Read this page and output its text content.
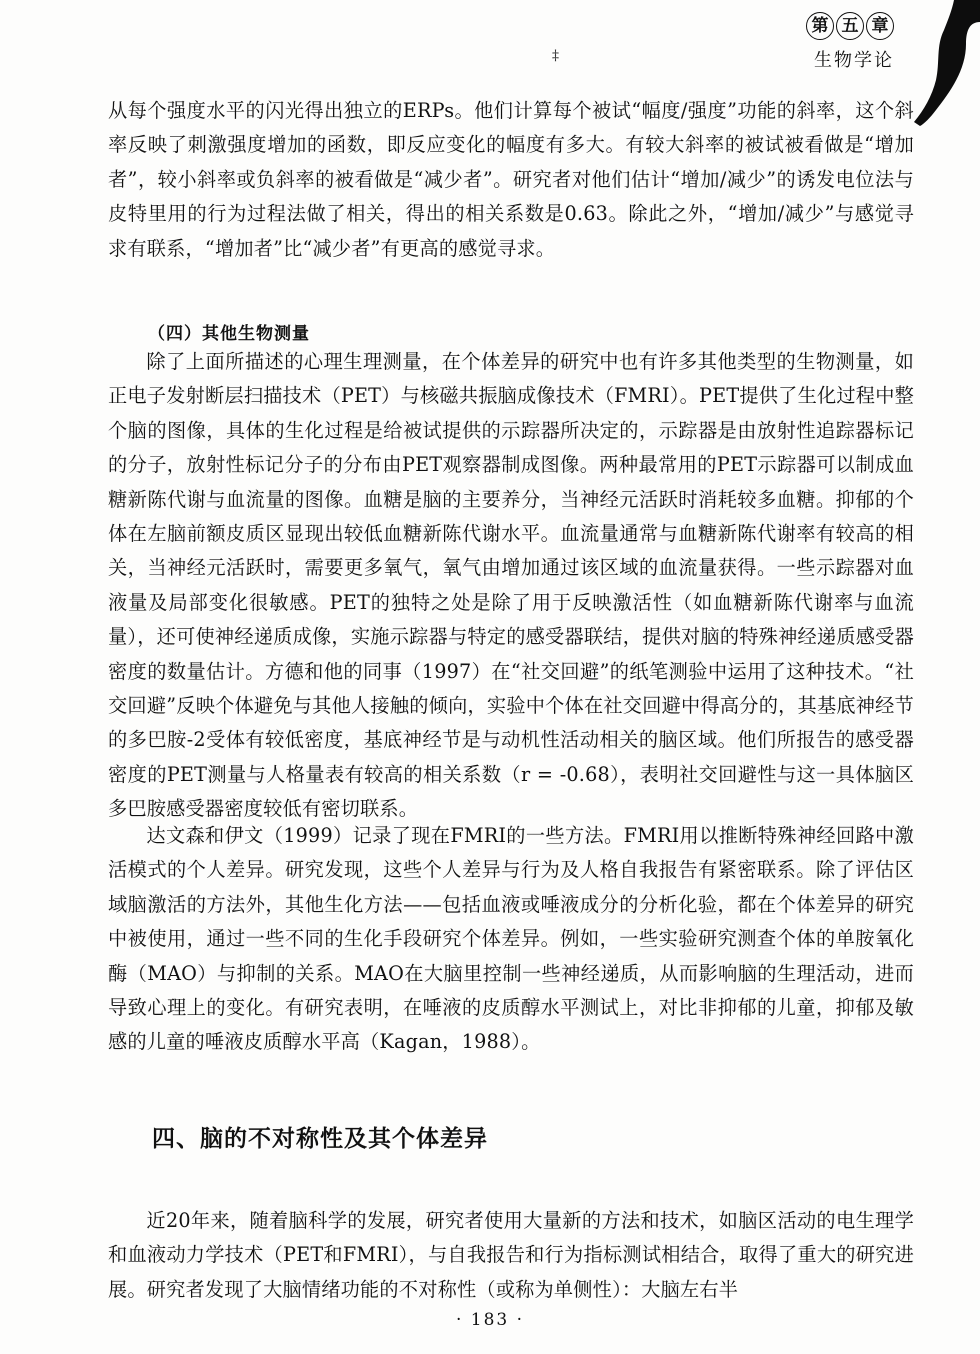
第 五 章
生物学论
‡

从每个强度水平的闪光得出独立的ERPs。他们计算每个被试“幅度/强度”功能的斜率，这个斜率反映了刺激强度增加的函数，即反应变化的幅度有多大。有较大斜率的被试被看做是“增加者”，较小斜率或负斜率的被看做是“减少者”。研究者对他们估计“增加/减少”的诱发电位法与皮特里用的行为过程法做了相关，得出的相关系数是0.63。除此之外，“增加/减少”与感觉寻求有联系，“增加者”比“减少者”有更高的感觉寻求。

（四）其他生物测量

除了上面所描述的心理生理测量，在个体差异的研究中也有许多其他类型的生物测量，如正电子发射断层扫描技术（PET）与核磁共振脑成像技术（FMRI）。PET提供了生化过程中整个脑的图像，具体的生化过程是给被试提供的示踪器所决定的，示踪器是由放射性追踪器标记的分子，放射性标记分子的分布由PET观察器制成图像。两种最常用的PET示踪器可以制成血糖新陈代谢与血流量的图像。血糖是脑的主要养分，当神经元活跃时消耗较多血糖。抑郁的个体在左脑前额皮质区显现出较低血糖新陈代谢水平。血流量通常与血糖新陈代谢率有较高的相关，当神经元活跃时，需要更多氧气，氧气由增加通过该区域的血流量获得。一些示踪器对血液量及局部变化很敏感。PET的独特之处是除了用于反映激活性（如血糖新陈代谢率与血流量），还可使神经递质成像，实施示踪器与特定的感受器联结，提供对脑的特殊神经递质感受器密度的数量估计。方德和他的同事（1997）在“社交回避”的纸笔测验中运用了这种技术。“社交回避”反映个体避免与其他人接触的倾向，实验中个体在社交回避中得高分的，其基底神经节的多巴胺-2受体有较低密度，基底神经节是与动机性活动相关的脑区域。他们所报告的感受器密度的PET测量与人格量表有较高的相关系数（r = -0.68），表明社交回避性与这一具体脑区多巴胺感受器密度较低有密切联系。

达文森和伊文（1999）记录了现在FMRI的一些方法。FMRI用以推断特殊神经回路中激活模式的个人差异。研究发现，这些个人差异与行为及人格自我报告有紧密联系。除了评估区域脑激活的方法外，其他生化方法——包括血液或唾液成分的分析化验，都在个体差异的研究中被使用，通过一些不同的生化手段研究个体差异。例如，一些实验研究测查个体的单胺氧化酶（MAO）与抑制的关系。MAO在大脑里控制一些神经递质，从而影响脑的生理活动，进而导致心理上的变化。有研究表明，在唾液的皮质醇水平测试上，对比非抑郁的儿童，抑郁及敏感的儿童的唾液皮质醇水平高（Kagan，1988）。

四、脑的不对称性及其个体差异

近20年来，随着脑科学的发展，研究者使用大量新的方法和技术，如脑区活动的电生理学和血液动力学技术（PET和FMRI），与自我报告和行为指标测试相结合，取得了重大的研究进展。研究者发现了大脑情绪功能的不对称性（或称为单侧性）：大脑左右半

· 183 ·
